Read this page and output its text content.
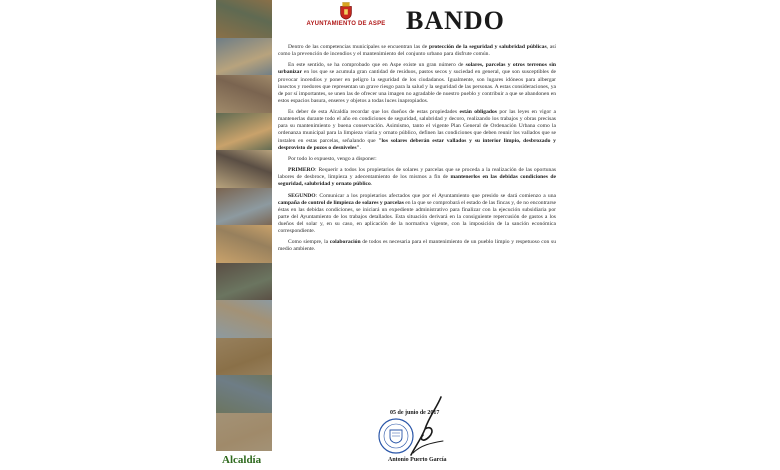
Alcaldía
AYUNTAMIENTO DE ASPE BANDO

Dentro de las competencias municipales se encuentran las de protección de la seguridad y salubridad públicas, así como la prevención de incendios y el mantenimiento del conjunto urbano para disfrute común.

En este sentido, se ha comprobado que en Aspe existe un gran número de solares, parcelas y otros terrenos sin urbanizar en los que se acumula gran cantidad de residuos, pastos secos y suciedad en general, que son susceptibles de provocar incendios y poner en peligro la seguridad de los ciudadanos. Igualmente, son lugares idóneos para albergar insectos y roedores que representan un grave riesgo para la salud y la seguridad de las personas. A estas consideraciones, ya de por sí importantes, se unen las de ofrecer una imagen no agradable de nuestro pueblo y contribuir a que se abandonen en estos espacios basura, enseres y objetos a todas luces inapropiados.

Es deber de esta Alcaldía recordar que los dueños de estas propiedades están obligados por las leyes en vigor a mantenerlas durante todo el año en condiciones de seguridad, salubridad y decoro, realizando los trabajos y obras precisas para su mantenimiento y buena conservación. Asimismo, tanto el vigente Plan General de Ordenación Urbana como la ordenanza municipal para la limpieza viaria y ornato público, definen las condiciones que deben reunir los vallados que se instalen en estas parcelas, señalando que "los solares deberán estar vallados y su interior limpio, desbrozado y desprovisto de pozos o desniveles".

Por todo lo expuesto, vengo a disponer:

PRIMERO: Requerir a todos los propietarios de solares y parcelas que se proceda a la realización de las oportunas labores de desbroce, limpieza y adecentamiento de los mismos a fin de mantenerlos en las debidas condiciones de seguridad, salubridad y ornato público.

SEGUNDO: Comunicar a los propietarios afectados que por el Ayuntamiento que presido se dará comienzo a una campaña de control de limpieza de solares y parcelas en la que se comprobará el estado de las fincas y, de no encontrarse éstas en las debidas condiciones, se iniciará un expediente administrativo para finalizar con la ejecución subsidiaria por parte del Ayuntamiento de los trabajos detallados. Esta situación derivará en la consiguiente repercusión de gastos a los dueños del solar y, en su caso, en aplicación de la normativa vigente, con la imposición de la sanción económica correspondiente.

Como siempre, la colaboración de todos es necesaria para el mantenimiento de un pueblo limpio y respetuoso con su medio ambiente.

05 de junio de 2017
Antonio Puerto García
